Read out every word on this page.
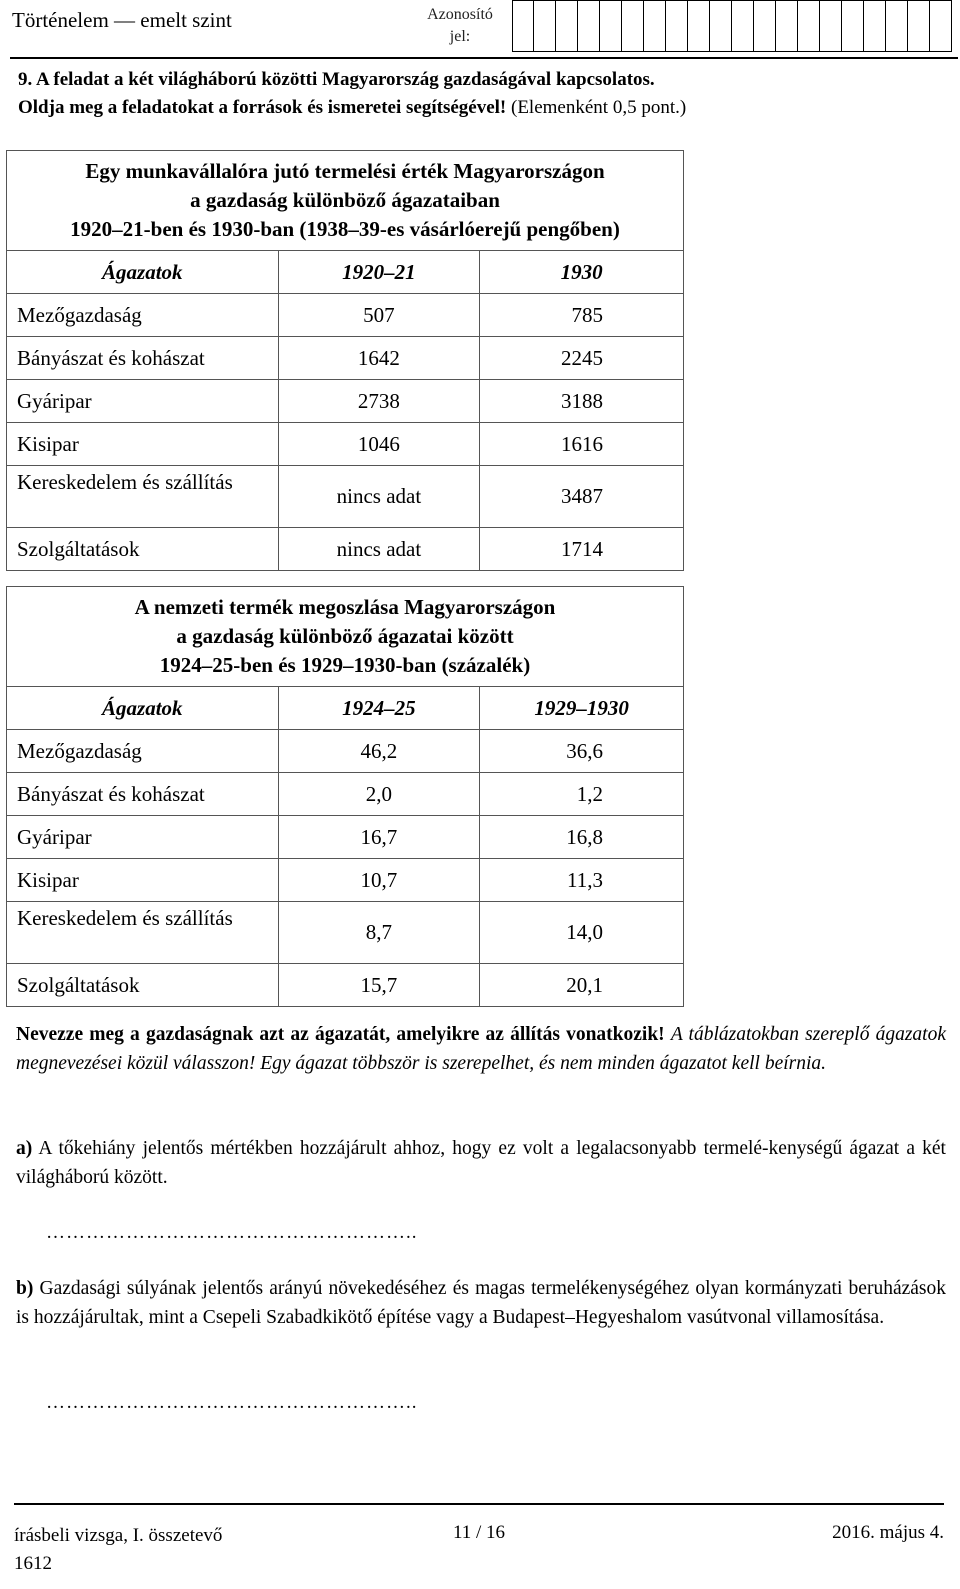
Történelem — emelt szint	Azonosító jel:
9. A feladat a két világháború közötti Magyarország gazdaságával kapcsolatos.
Oldja meg a feladatokat a források és ismeretei segítségével! (Elemenként 0,5 pont.)
Egy munkavállalóra jutó termelési érték Magyarországon
a gazdaság különböző ágazataiban
1920–21-ben és 1930-ban (1938–39-es vásárlóerejű pengőben)		

Ágazatok	1920–21	1930
Mezőgazdaság	507	785
Bányászat és kohászat	1642	2245
Gyáripar	2738	3188
Kisipar	1046	1616
Kereskedelem és szállítás	nincs adat	3487
Szolgáltatások	nincs adat	1714
A nemzeti termék megoszlása Magyarországon
a gazdaság különböző ágazatai között
1924–25-ben és 1929–1930-ban (százalék)		

Ágazatok	1924–25	1929–1930
Mezőgazdaság	46,2	36,6
Bányászat és kohászat	2,0	1,2
Gyáripar	16,7	16,8
Kisipar	10,7	11,3
Kereskedelem és szállítás	8,7	14,0
Szolgáltatások	15,7	20,1
Nevezze meg a gazdaságnak azt az ágazatát, amelyikre az állítás vonatkozik! A táblázatokban szereplő ágazatok megnevezései közül válasszon! Egy ágazat többször is szerepelhet, és nem minden ágazatot kell beírnia.
a) A tőkehiány jelentős mértékben hozzájárult ahhoz, hogy ez volt a legalacsonyabb termelé-kenységű ágazat a két világháború között.
………………………………………………..
b) Gazdasági súlyának jelentős arányú növekedéséhez és magas termelékenységéhez olyan kormányzati beruházások is hozzájárultak, mint a Csepeli Szabadkikötő építése vagy a Budapest–Hegyeshalom vasútvonal villamosítása.
………………………………………………..
írásbeli vizsga, I. összetevő
1612
11 / 16	2016. május 4.
